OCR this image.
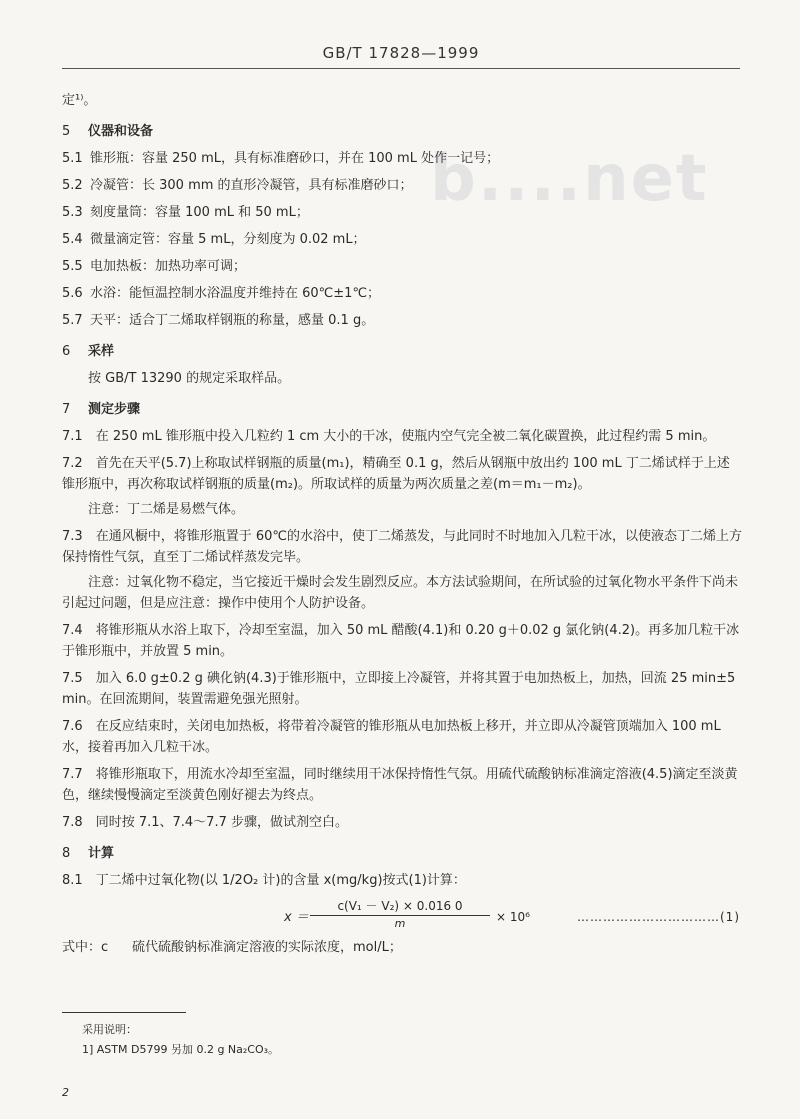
GB/T 17828—1999
b....net
定¹⁾。
5 仪器和设备
5.1 锥形瓶：容量 250 mL，具有标准磨砂口，并在 100 mL 处作一记号；
5.2 冷凝管：长 300 mm 的直形冷凝管，具有标准磨砂口；
5.3 刻度量筒：容量 100 mL 和 50 mL；
5.4 微量滴定管：容量 5 mL，分刻度为 0.02 mL；
5.5 电加热板：加热功率可调；
5.6 水浴：能恒温控制水浴温度并维持在 60℃±1℃；
5.7 天平：适合丁二烯取样钢瓶的称量，感量 0.1 g。
6 采样
按 GB/T 13290 的规定采取样品。
7 测定步骤
7.1　 在 250 mL 锥形瓶中投入几粒约 1 cm 大小的干冰，使瓶内空气完全被二氧化碳置换，此过程约需 5 min。
7.2　 首先在天平(5.7)上称取试样钢瓶的质量(m₁)，精确至 0.1 g，然后从钢瓶中放出约 100 mL 丁二烯试样于上述锥形瓶中，再次称取试样钢瓶的质量(m₂)。所取试样的质量为两次质量之差(m＝m₁－m₂)。
注意：丁二烯是易燃气体。
7.3　 在通风橱中，将锥形瓶置于 60℃的水浴中，使丁二烯蒸发，与此同时不时地加入几粒干冰，以使液态丁二烯上方保持惰性气氛，直至丁二烯试样蒸发完毕。
注意：过氧化物不稳定，当它接近干燥时会发生剧烈反应。本方法试验期间，在所试验的过氧化物水平条件下尚未引起过问题，但是应注意：操作中使用个人防护设备。
7.4　 将锥形瓶从水浴上取下，冷却至室温，加入 50 mL 醋酸(4.1)和 0.20 g＋0.02 g 氯化钠(4.2)。再多加几粒干冰于锥形瓶中，并放置 5 min。
7.5　 加入 6.0 g±0.2 g 碘化钠(4.3)于锥形瓶中，立即接上冷凝管，并将其置于电加热板上，加热，回流 25 min±5 min。在回流期间，装置需避免强光照射。
7.6　 在反应结束时，关闭电加热板，将带着冷凝管的锥形瓶从电加热板上移开，并立即从冷凝管顶端加入 100 mL 水，接着再加入几粒干冰。
7.7　 将锥形瓶取下，用流水冷却至室温，同时继续用干冰保持惰性气氛。用硫代硫酸钠标准滴定溶液(4.5)滴定至淡黄色，继续慢慢滴定至淡黄色刚好褪去为终点。
7.8　 同时按 7.1、7.4～7.7 步骤，做试剂空白。
8 计算
8.1　 丁二烯中过氧化物(以 1/2O₂ 计)的含量 x(mg/kg)按式(1)计算：
$x = \frac{\text{c(V₁ － V₂) × 0.016 0}}{m} \times 10^6$	……………………………(1)
式中：c	硫代硫酸钠标准滴定溶液的实际浓度，mol/L；
采用说明：
1] ASTM D5799 另加 0.2 g Na₂CO₃。
2
